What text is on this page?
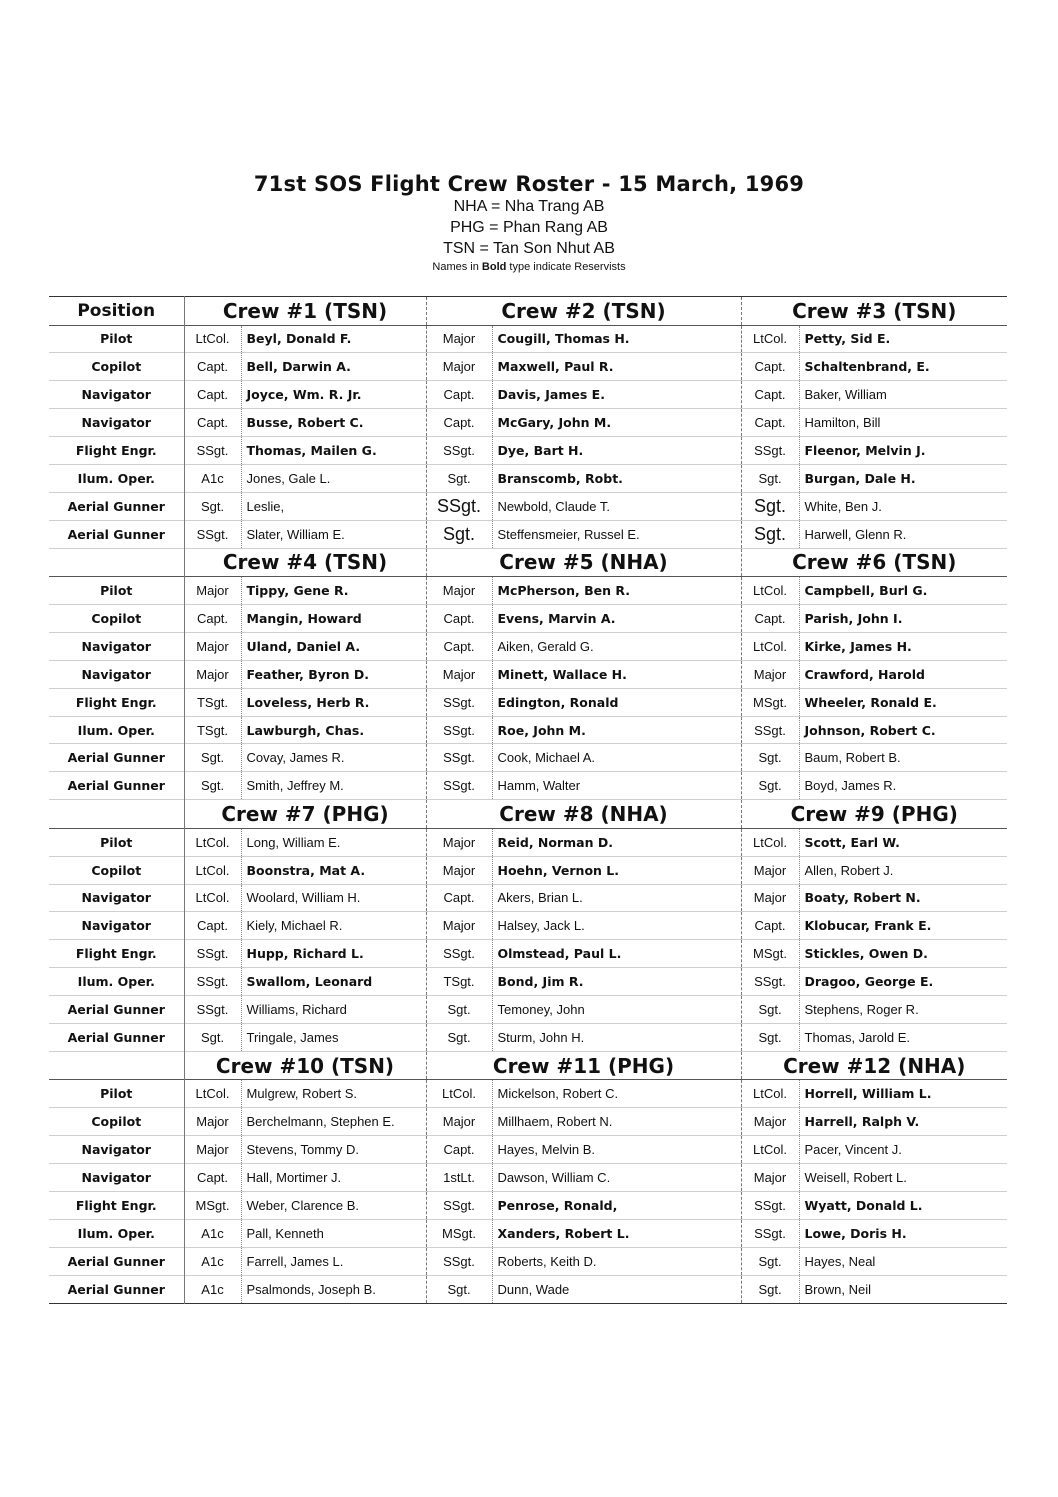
71st SOS Flight Crew Roster - 15 March, 1969
NHA = Nha Trang AB
PHG = Phan Rang AB
TSN = Tan Son Nhut AB
Names in Bold type indicate Reservists
Position	Crew #1 (TSN)		Crew #2 (TSN)		Crew #3 (TSN)	
Pilot	LtCol.	Beyl, Donald F.	Major	Cougill, Thomas H.	LtCol.	Petty, Sid E.
Copilot	Capt.	Bell, Darwin A.	Major	Maxwell, Paul R.	Capt.	Schaltenbrand, E.
Navigator	Capt.	Joyce, Wm. R. Jr.	Capt.	Davis, James E.	Capt.	Baker, William
Navigator	Capt.	Busse, Robert C.	Capt.	McGary, John M.	Capt.	Hamilton, Bill
Flight Engr.	SSgt.	Thomas, Mailen G.	SSgt.	Dye, Bart H.	SSgt.	Fleenor, Melvin J.
Ilum. Oper.	A1c	Jones, Gale L.	Sgt.	Branscomb, Robt.	Sgt.	Burgan, Dale H.
Aerial Gunner	Sgt.	Leslie,	SSgt.	Newbold, Claude T.	Sgt.	White, Ben J.
Aerial Gunner	SSgt.	Slater, William E.	Sgt.	Steffensmeier, Russel E.	Sgt.	Harwell, Glenn R.
	Crew #4 (TSN)		Crew #5 (NHA)		Crew #6 (TSN)	
Pilot	Major	Tippy, Gene R.	Major	McPherson, Ben R.	LtCol.	Campbell, Burl G.
Copilot	Capt.	Mangin, Howard	Capt.	Evens, Marvin A.	Capt.	Parish, John I.
Navigator	Major	Uland, Daniel A.	Capt.	Aiken, Gerald G.	LtCol.	Kirke, James H.
Navigator	Major	Feather, Byron D.	Major	Minett, Wallace H.	Major	Crawford, Harold
Flight Engr.	TSgt.	Loveless, Herb R.	SSgt.	Edington, Ronald	MSgt.	Wheeler, Ronald E.
Ilum. Oper.	TSgt.	Lawburgh, Chas.	SSgt.	Roe, John M.	SSgt.	Johnson, Robert C.
Aerial Gunner	Sgt.	Covay, James R.	SSgt.	Cook, Michael A.	Sgt.	Baum, Robert B.
Aerial Gunner	Sgt.	Smith, Jeffrey M.	SSgt.	Hamm, Walter	Sgt.	Boyd, James R.
	Crew #7 (PHG)		Crew #8 (NHA)		Crew #9 (PHG)	
Pilot	LtCol.	Long, William E.	Major	Reid, Norman D.	LtCol.	Scott, Earl W.
Copilot	LtCol.	Boonstra, Mat A.	Major	Hoehn, Vernon L.	Major	Allen, Robert J.
Navigator	LtCol.	Woolard, William H.	Capt.	Akers, Brian L.	Major	Boaty, Robert N.
Navigator	Capt.	Kiely, Michael R.	Major	Halsey, Jack L.	Capt.	Klobucar, Frank E.
Flight Engr.	SSgt.	Hupp, Richard L.	SSgt.	Olmstead, Paul L.	MSgt.	Stickles, Owen D.
Ilum. Oper.	SSgt.	Swallom, Leonard	TSgt.	Bond, Jim R.	SSgt.	Dragoo, George E.
Aerial Gunner	SSgt.	Williams, Richard	Sgt.	Temoney, John	Sgt.	Stephens, Roger R.
Aerial Gunner	Sgt.	Tringale, James	Sgt.	Sturm, John H.	Sgt.	Thomas, Jarold E.
	Crew #10 (TSN)		Crew #11 (PHG)		Crew #12 (NHA)	
Pilot	LtCol.	Mulgrew, Robert S.	LtCol.	Mickelson, Robert C.	LtCol.	Horrell, William L.
Copilot	Major	Berchelmann, Stephen E.	Major	Millhaem, Robert N.	Major	Harrell, Ralph V.
Navigator	Major	Stevens, Tommy D.	Capt.	Hayes, Melvin B.	LtCol.	Pacer, Vincent J.
Navigator	Capt.	Hall, Mortimer J.	1stLt.	Dawson, William C.	Major	Weisell, Robert L.
Flight Engr.	MSgt.	Weber, Clarence B.	SSgt.	Penrose, Ronald,	SSgt.	Wyatt, Donald L.
Ilum. Oper.	A1c	Pall, Kenneth	MSgt.	Xanders, Robert L.	SSgt.	Lowe, Doris H.
Aerial Gunner	A1c	Farrell, James L.	SSgt.	Roberts, Keith D.	Sgt.	Hayes, Neal
Aerial Gunner	A1c	Psalmonds, Joseph B.	Sgt.	Dunn, Wade	Sgt.	Brown, Neil
